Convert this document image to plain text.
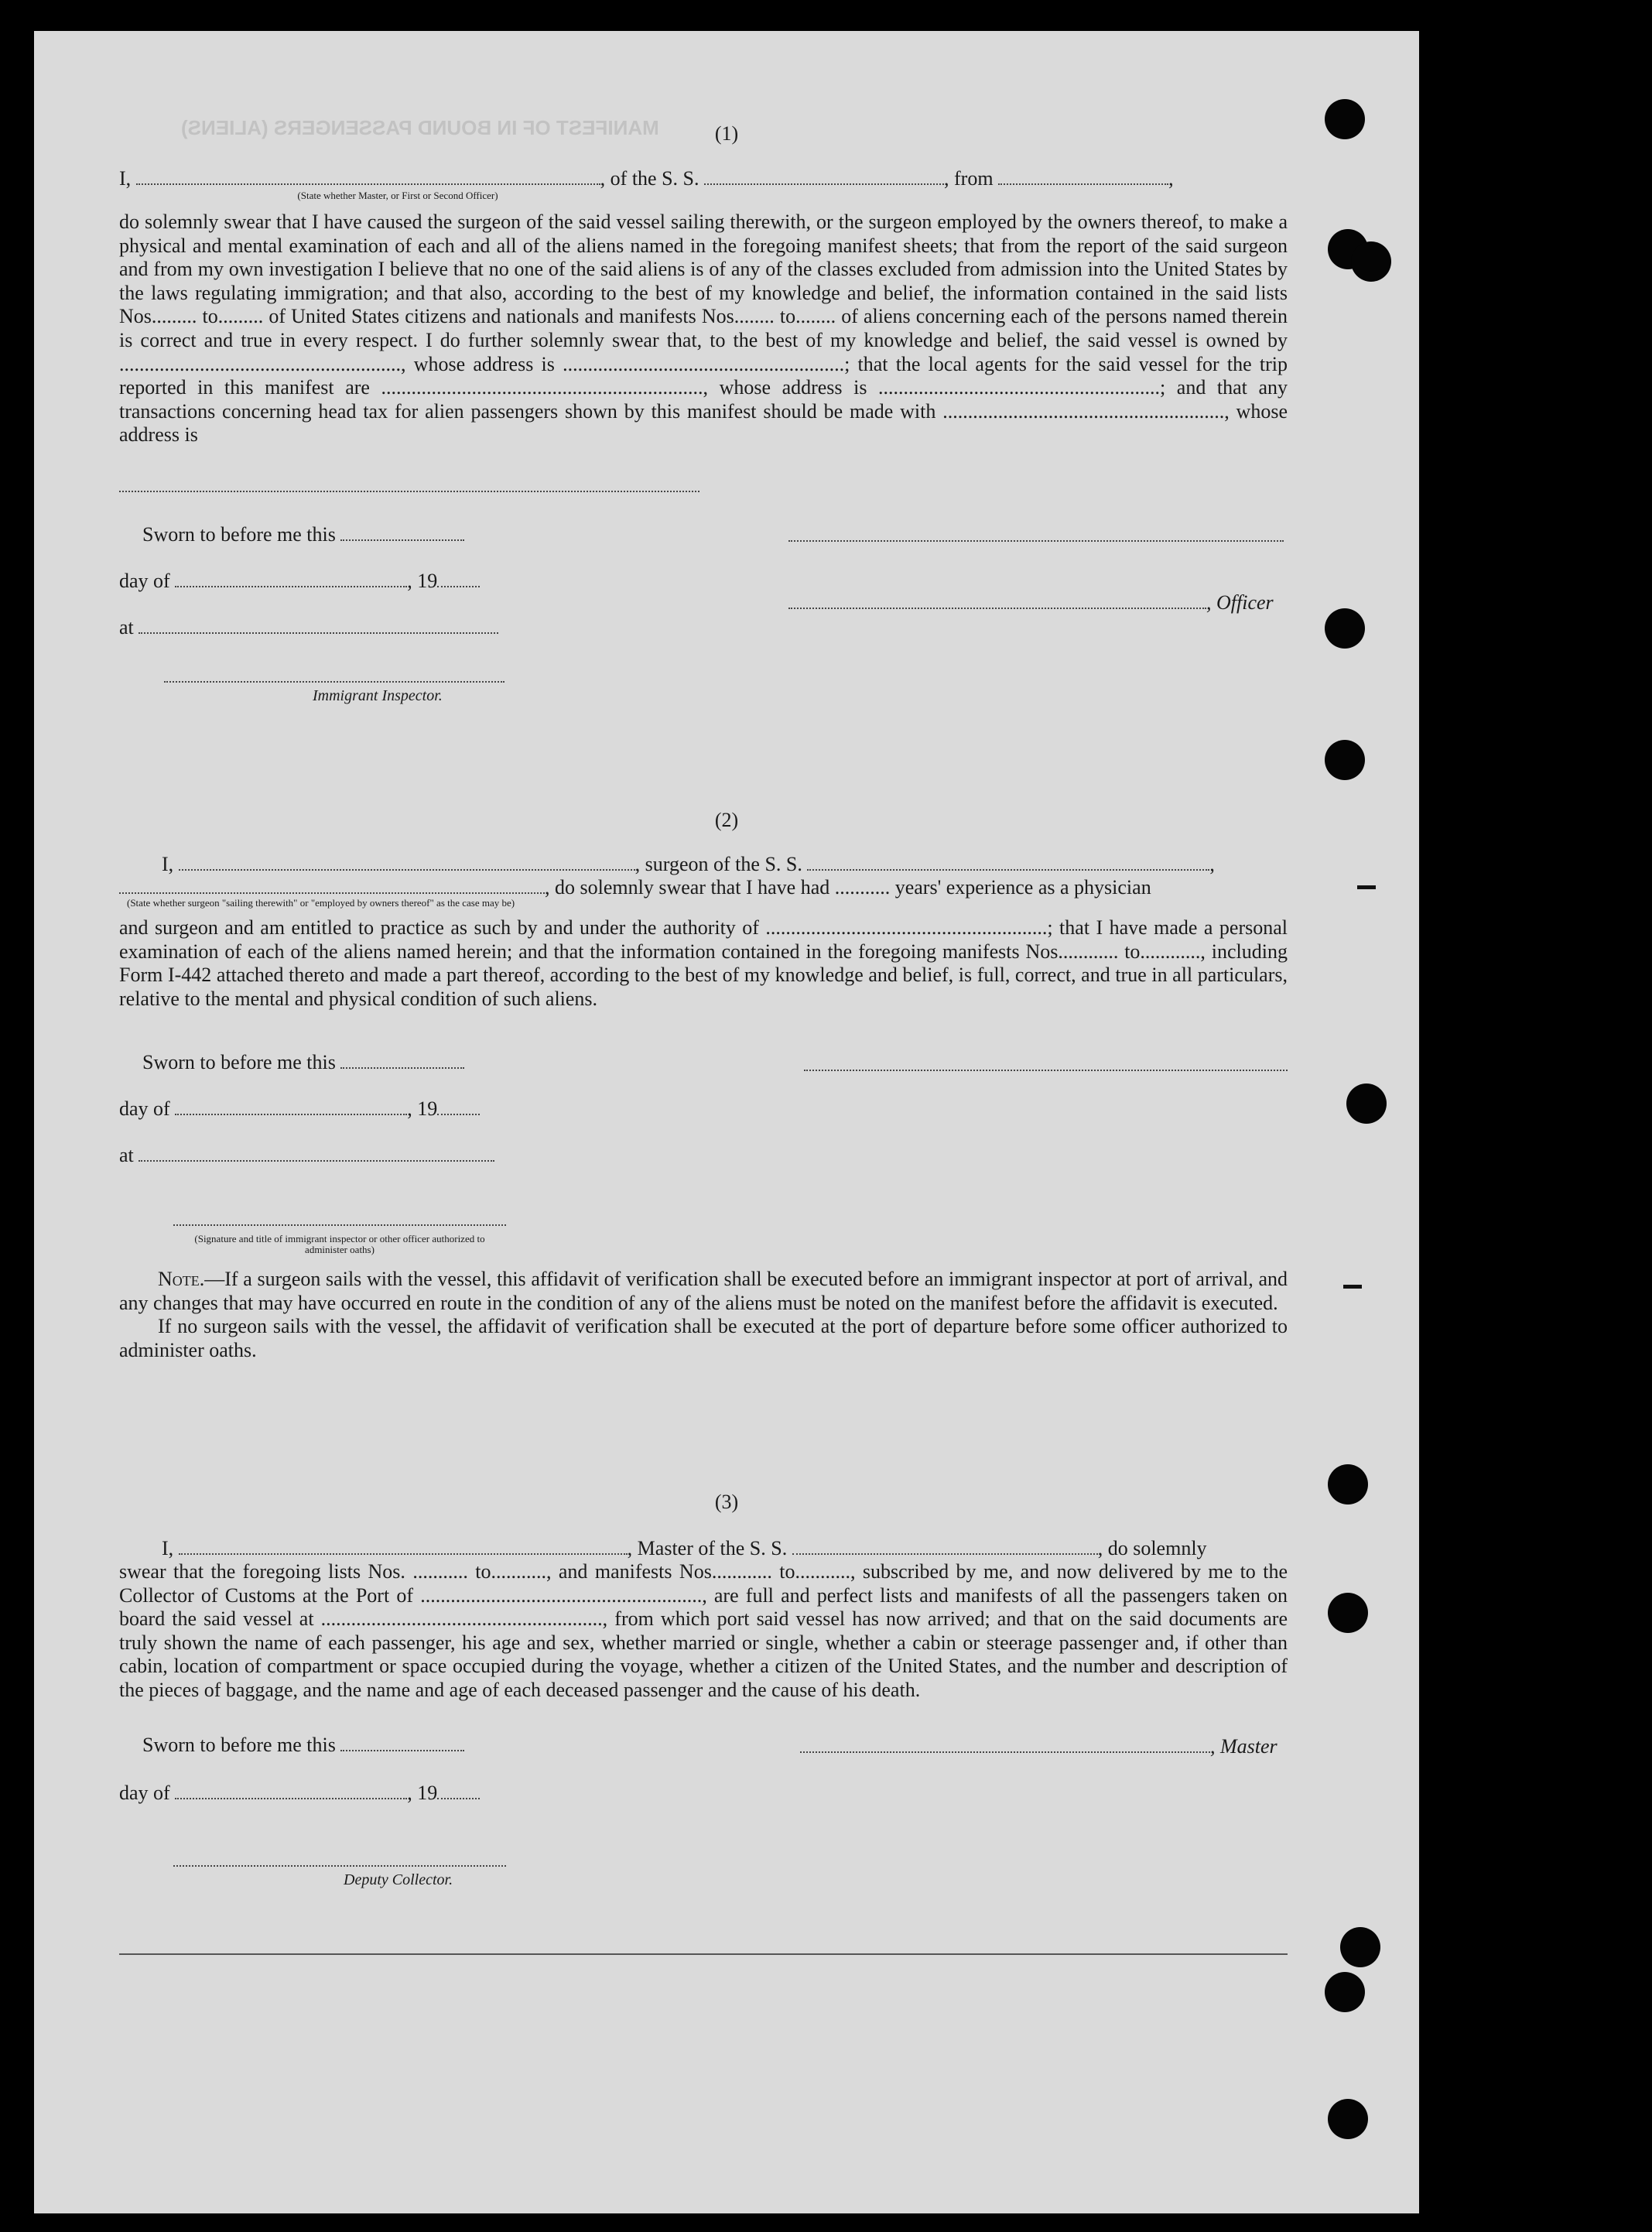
MANIFEST OF IN BOUND PASSENGERS (ALIENS)	(1)
I,	, of the S. S.	, from	,
(State whether Master, or First or Second Officer)

do solemnly swear that I have caused the surgeon of the said vessel sailing therewith, or the surgeon employed by the owners thereof, to make a physical and mental examination of each and all of the aliens named in the foregoing manifest sheets; that from the report of the said surgeon and from my own investigation I believe that no one of the said aliens is of any of the classes excluded from admission into the United States by the laws regulating immigration; and that also, according to the best of my knowledge and belief, the information contained in the said lists Nos......... to......... of United States citizens and nationals and manifests Nos........ to........ of aliens concerning each of the persons named therein is correct and true in every respect. I do further solemnly swear that, to the best of my knowledge and belief, the said vessel is owned by ........................................................, whose address is ........................................................; that the local agents for the said vessel for the trip reported in this manifest are ................................................................, whose address is ........................................................; and that any transactions concerning head tax for alien passengers shown by this manifest should be made with ........................................................, whose address is

Sworn to before me this
day of	, 19
, Officer
at
Immigrant Inspector.
(2)
I,	, surgeon of the S. S.	,
, do solemnly swear that I have had ........... years' experience as a physician
(State whether surgeon "sailing therewith" or "employed by owners thereof" as the case may be)

and surgeon and am entitled to practice as such by and under the authority of ........................................................; that I have made a personal examination of each of the aliens named herein; and that the information contained in the foregoing manifests Nos............ to............, including Form I-442 attached thereto and made a part thereof, according to the best of my knowledge and belief, is full, correct, and true in all particulars, relative to the mental and physical condition of such aliens.

Sworn to before me this
day of	, 19
at
(Signature and title of immigrant inspector or other officer authorized to administer oaths)

Note.—If a surgeon sails with the vessel, this affidavit of verification shall be executed before an immigrant inspector at port of arrival, and any changes that may have occurred en route in the condition of any of the aliens must be noted on the manifest before the affidavit is executed.

If no surgeon sails with the vessel, the affidavit of verification shall be executed at the port of departure before some officer authorized to administer oaths.

(3)
I,	, Master of the S. S.	, do solemnly

swear that the foregoing lists Nos. ........... to..........., and manifests Nos............ to..........., subscribed by me, and now delivered by me to the Collector of Customs at the Port of ........................................................, are full and perfect lists and manifests of all the passengers taken on board the said vessel at ........................................................, from which port said vessel has now arrived; and that on the said documents are truly shown the name of each passenger, his age and sex, whether married or single, whether a cabin or steerage passenger and, if other than cabin, location of compartment or space occupied during the voyage, whether a citizen of the United States, and the number and description of the pieces of baggage, and the name and age of each deceased passenger and the cause of his death.

Sworn to before me this	, Master
day of	, 19
Deputy Collector.
